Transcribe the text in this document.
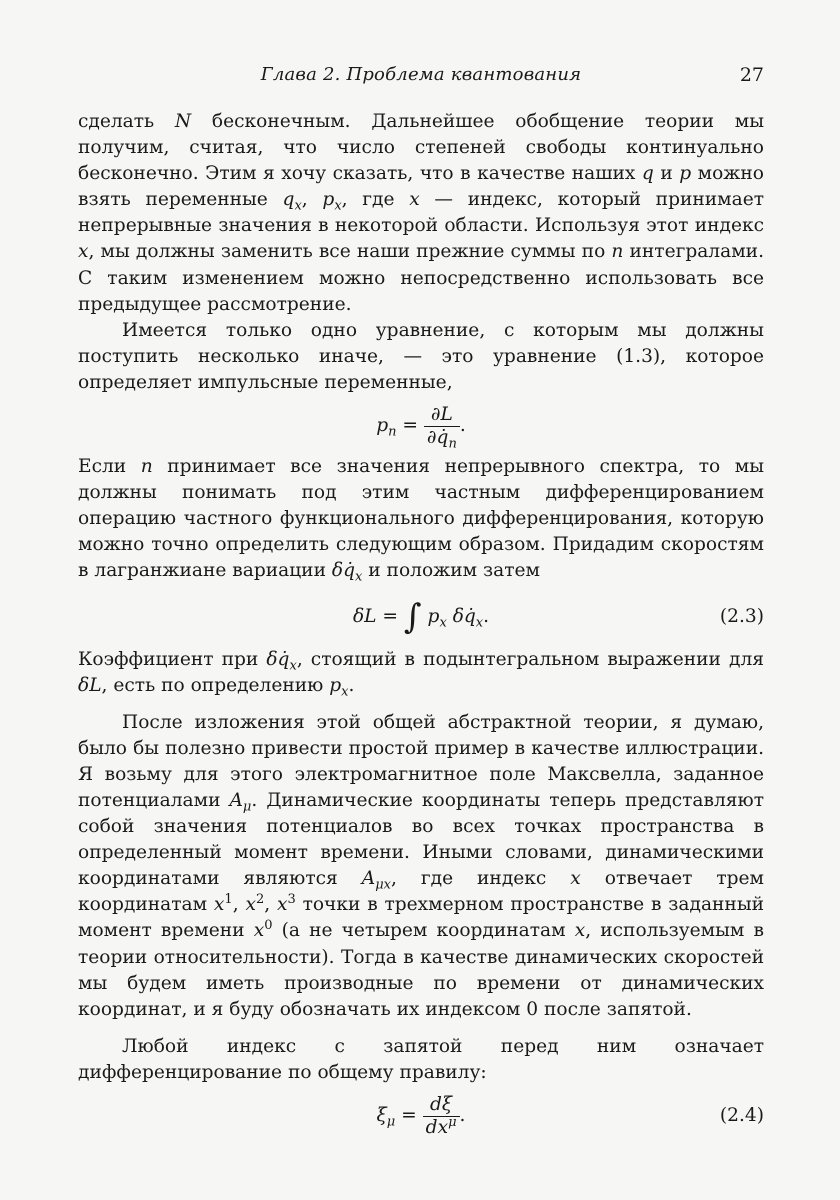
Глава 2. Проблема квантования	27

сделать N бесконечным. Дальнейшее обобщение теории мы получим, считая, что число степеней свободы континуально бесконечно. Этим я хочу сказать, что в качестве наших q и p можно взять переменные $q_x$, $p_x$, где x — индекс, который принимает непрерывные значения в некоторой области. Используя этот индекс x, мы должны заменить все наши прежние суммы по n интегралами. С таким изменением можно непосредственно использовать все предыдущее рассмотрение.

Имеется только одно уравнение, с которым мы должны поступить несколько иначе, — это уравнение (1.3), которое определяет импульсные переменные,

$p_n = \frac{\partial L}{\partial q̇_n}$ .

Если n принимает все значения непрерывного спектра, то мы должны понимать под этим частным дифференцированием операцию частного функционального дифференцирования, которую можно точно определить следующим образом. Придадим скоростям в лагранжиане вариации $\delta q̇_x$ и положим затем

δL = ∫ $p_x$ $\delta q̇_x$.	(2.3)

Коэффициент при $\delta q̇_x$, стоящий в подынтегральном выражении для δL, есть по определению $p_x$.

После изложения этой общей абстрактной теории, я думаю, было бы полезно привести простой пример в качестве иллюстрации. Я возьму для этого электромагнитное поле Максвелла, заданное потенциалами $A_\mu$. Динамические координаты теперь представляют собой значения потенциалов во всех точках пространства в определенный момент времени. Иными словами, динамическими координатами являются $A_{\mu x}$, где индекс x отвечает трем координатам $x^1$, $x^2$, $x^3$ точки в трехмерном пространстве в заданный момент времени $x^0$ (а не четырем координатам x, используемым в теории относительности). Тогда в качестве динамических скоростей мы будем иметь производные по времени от динамических координат, и я буду обозначать их индексом 0 после запятой.

Любой индекс с запятой перед ним означает дифференцирование по общему правилу:

$\xi_\mu = \frac{d\xi}{dx^\mu}$ .	(2.4)
